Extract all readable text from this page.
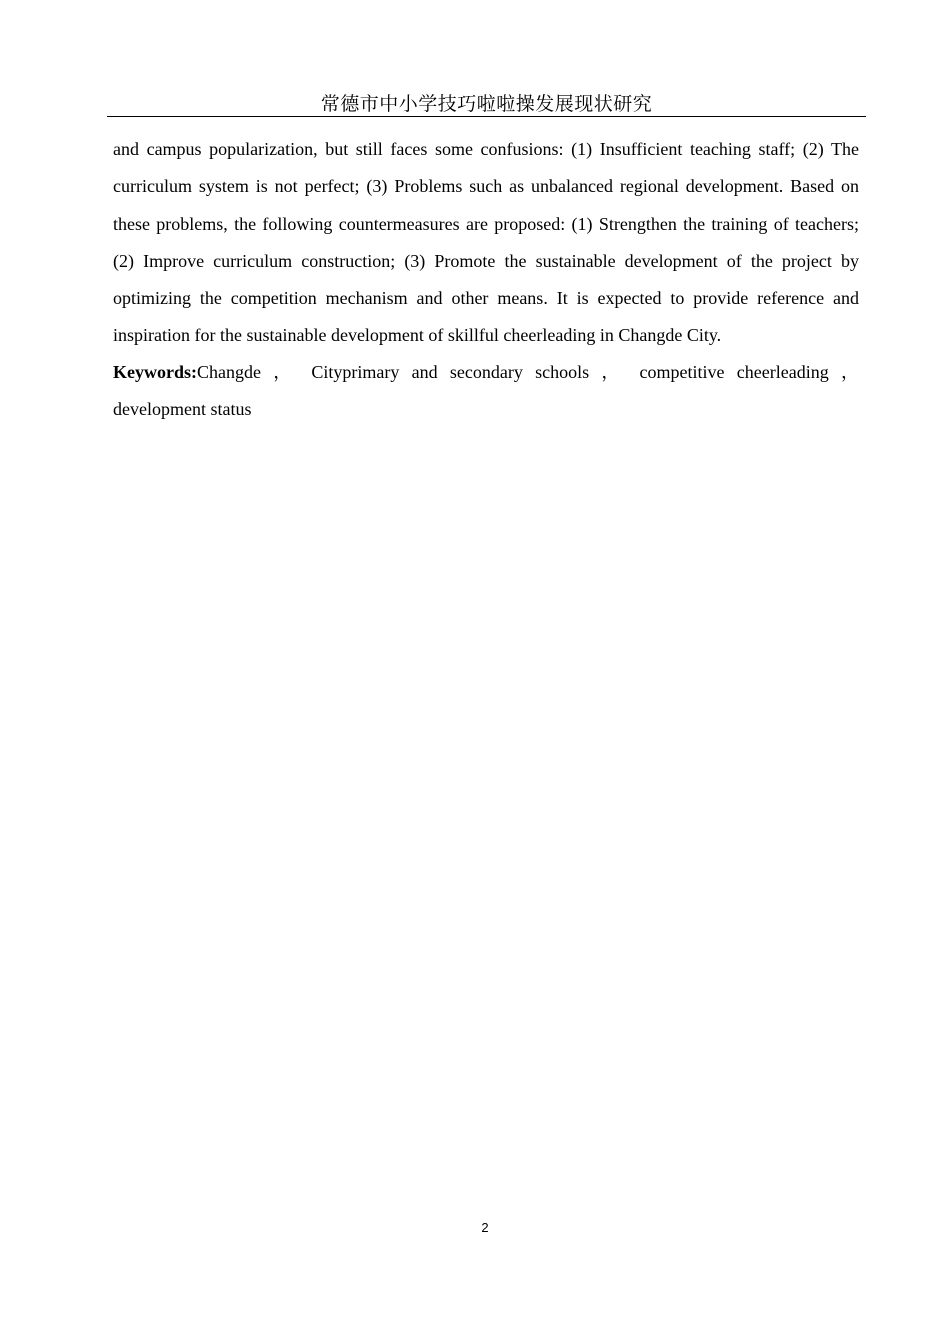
常德市中小学技巧啦啦操发展现状研究

and campus popularization, but still faces some confusions: (1) Insufficient teaching staff; (2) The curriculum system is not perfect; (3) Problems such as unbalanced regional development. Based on these problems, the following countermeasures are proposed: (1) Strengthen the training of teachers; (2) Improve curriculum construction; (3) Promote the sustainable development of the project by optimizing the competition mechanism and other means. It is expected to provide reference and inspiration for the sustainable development of skillful cheerleading in Changde City.

Keywords:Changde ， Cityprimary and secondary schools ， competitive cheerleading ， development status

2
